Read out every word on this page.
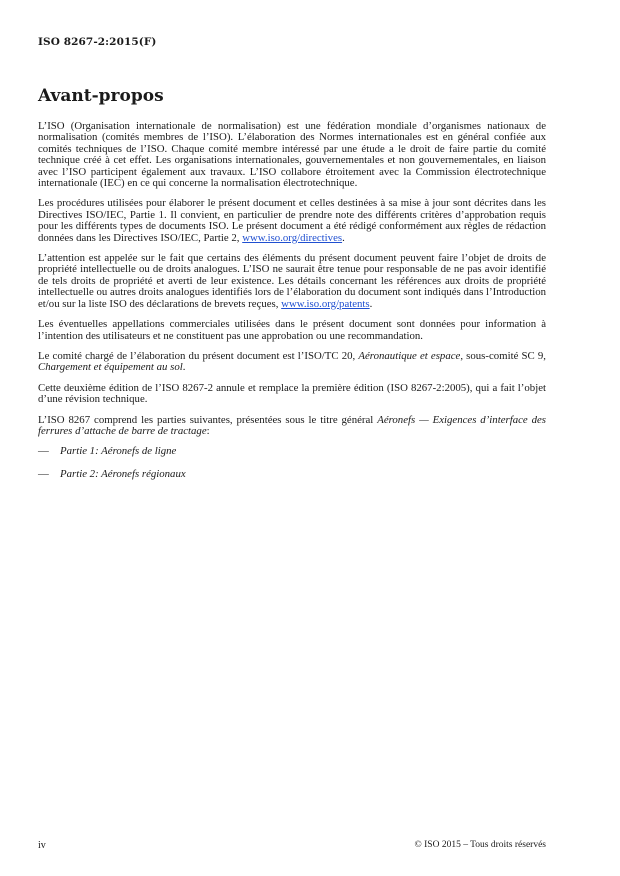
ISO 8267-2:2015(F)
Avant-propos

L’ISO (Organisation internationale de normalisation) est une fédération mondiale d’organismes nationaux de normalisation (comités membres de l’ISO). L’élaboration des Normes internationales est en général confiée aux comités techniques de l’ISO. Chaque comité membre intéressé par une étude a le droit de faire partie du comité technique créé à cet effet. Les organisations internationales, gouvernementales et non gouvernementales, en liaison avec l’ISO participent également aux travaux. L’ISO collabore étroitement avec la Commission électrotechnique internationale (IEC) en ce qui concerne la normalisation électrotechnique.

Les procédures utilisées pour élaborer le présent document et celles destinées à sa mise à jour sont décrites dans les Directives ISO/IEC, Partie 1. Il convient, en particulier de prendre note des différents critères d’approbation requis pour les différents types de documents ISO. Le présent document a été rédigé conformément aux règles de rédaction données dans les Directives ISO/IEC, Partie 2, www.iso.org/directives.

L’attention est appelée sur le fait que certains des éléments du présent document peuvent faire l’objet de droits de propriété intellectuelle ou de droits analogues. L’ISO ne saurait être tenue pour responsable de ne pas avoir identifié de tels droits de propriété et averti de leur existence. Les détails concernant les références aux droits de propriété intellectuelle ou autres droits analogues identifiés lors de l’élaboration du document sont indiqués dans l’Introduction et/ou sur la liste ISO des déclarations de brevets reçues, www.iso.org/patents.

Les éventuelles appellations commerciales utilisées dans le présent document sont données pour information à l’intention des utilisateurs et ne constituent pas une approbation ou une recommandation.

Le comité chargé de l’élaboration du présent document est l’ISO/TC 20, Aéronautique et espace, sous-comité SC 9, Chargement et équipement au sol.

Cette deuxième édition de l’ISO 8267-2 annule et remplace la première édition (ISO 8267-2:2005), qui a fait l’objet d’une révision technique.

L’ISO 8267 comprend les parties suivantes, présentées sous le titre général Aéronefs — Exigences d’interface des ferrures d’attache de barre de tractage:

— Partie 1: Aéronefs de ligne
— Partie 2: Aéronefs régionaux
iv	© ISO 2015 – Tous droits réservés
